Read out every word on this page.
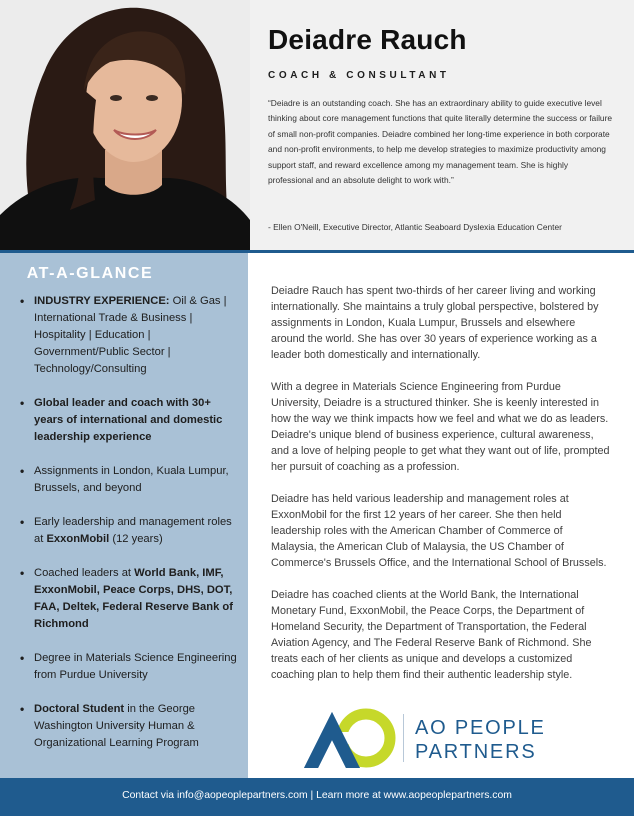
Deiadre Rauch
COACH & CONSULTANT
“Deiadre is an outstanding coach. She has an extraordinary ability to guide executive level thinking about core management functions that quite literally determine the success or failure of small non-profit companies. Deiadre combined her long-time experience in both corporate and non-profit environments, to help me develop strategies to maximize productivity among support staff, and reward excellence among my management team. She is highly professional and an absolute delight to work with.”
- Ellen O'Neill, Executive Director, Atlantic Seaboard Dyslexia Education Center
AT-A-GLANCE
• INDUSTRY EXPERIENCE: Oil & Gas | International Trade & Business | Hospitality | Education | Government/Public Sector | Technology/Consulting
• Global leader and coach with 30+ years of international and domestic leadership experience
• Assignments in London, Kuala Lumpur, Brussels, and beyond
• Early leadership and management roles at ExxonMobil (12 years)
• Coached leaders at World Bank, IMF, ExxonMobil, Peace Corps, DHS, DOT, FAA, Deltek, Federal Reserve Bank of Richmond
• Degree in Materials Science Engineering from Purdue University
• Doctoral Student in the George Washington University Human & Organizational Learning Program

Deiadre Rauch has spent two-thirds of her career living and working internationally. She maintains a truly global perspective, bolstered by assignments in London, Kuala Lumpur, Brussels and elsewhere around the world. She has over 30 years of experience working as a leader both domestically and internationally.

With a degree in Materials Science Engineering from Purdue University, Deiadre is a structured thinker. She is keenly interested in how the way we think impacts how we feel and what we do as leaders. Deiadre's unique blend of business experience, cultural awareness, and a love of helping people to get what they want out of life, prompted her pursuit of coaching as a profession.

Deiadre has held various leadership and management roles at ExxonMobil for the first 12 years of her career. She then held leadership roles with the American Chamber of Commerce of Malaysia, the American Club of Malaysia, the US Chamber of Commerce's Brussels Office, and the International School of Brussels.

Deiadre has coached clients at the World Bank, the International Monetary Fund, ExxonMobil, the Peace Corps, the Department of Homeland Security, the Department of Transportation, the Federal Aviation Agency, and The Federal Reserve Bank of Richmond. She treats each of her clients as unique and develops a customized coaching plan to help them find their authentic leadership style.

AO PEOPLE
PARTNERS
Contact via info@aopeoplepartners.com | Learn more at www.aopeoplepartners.com
